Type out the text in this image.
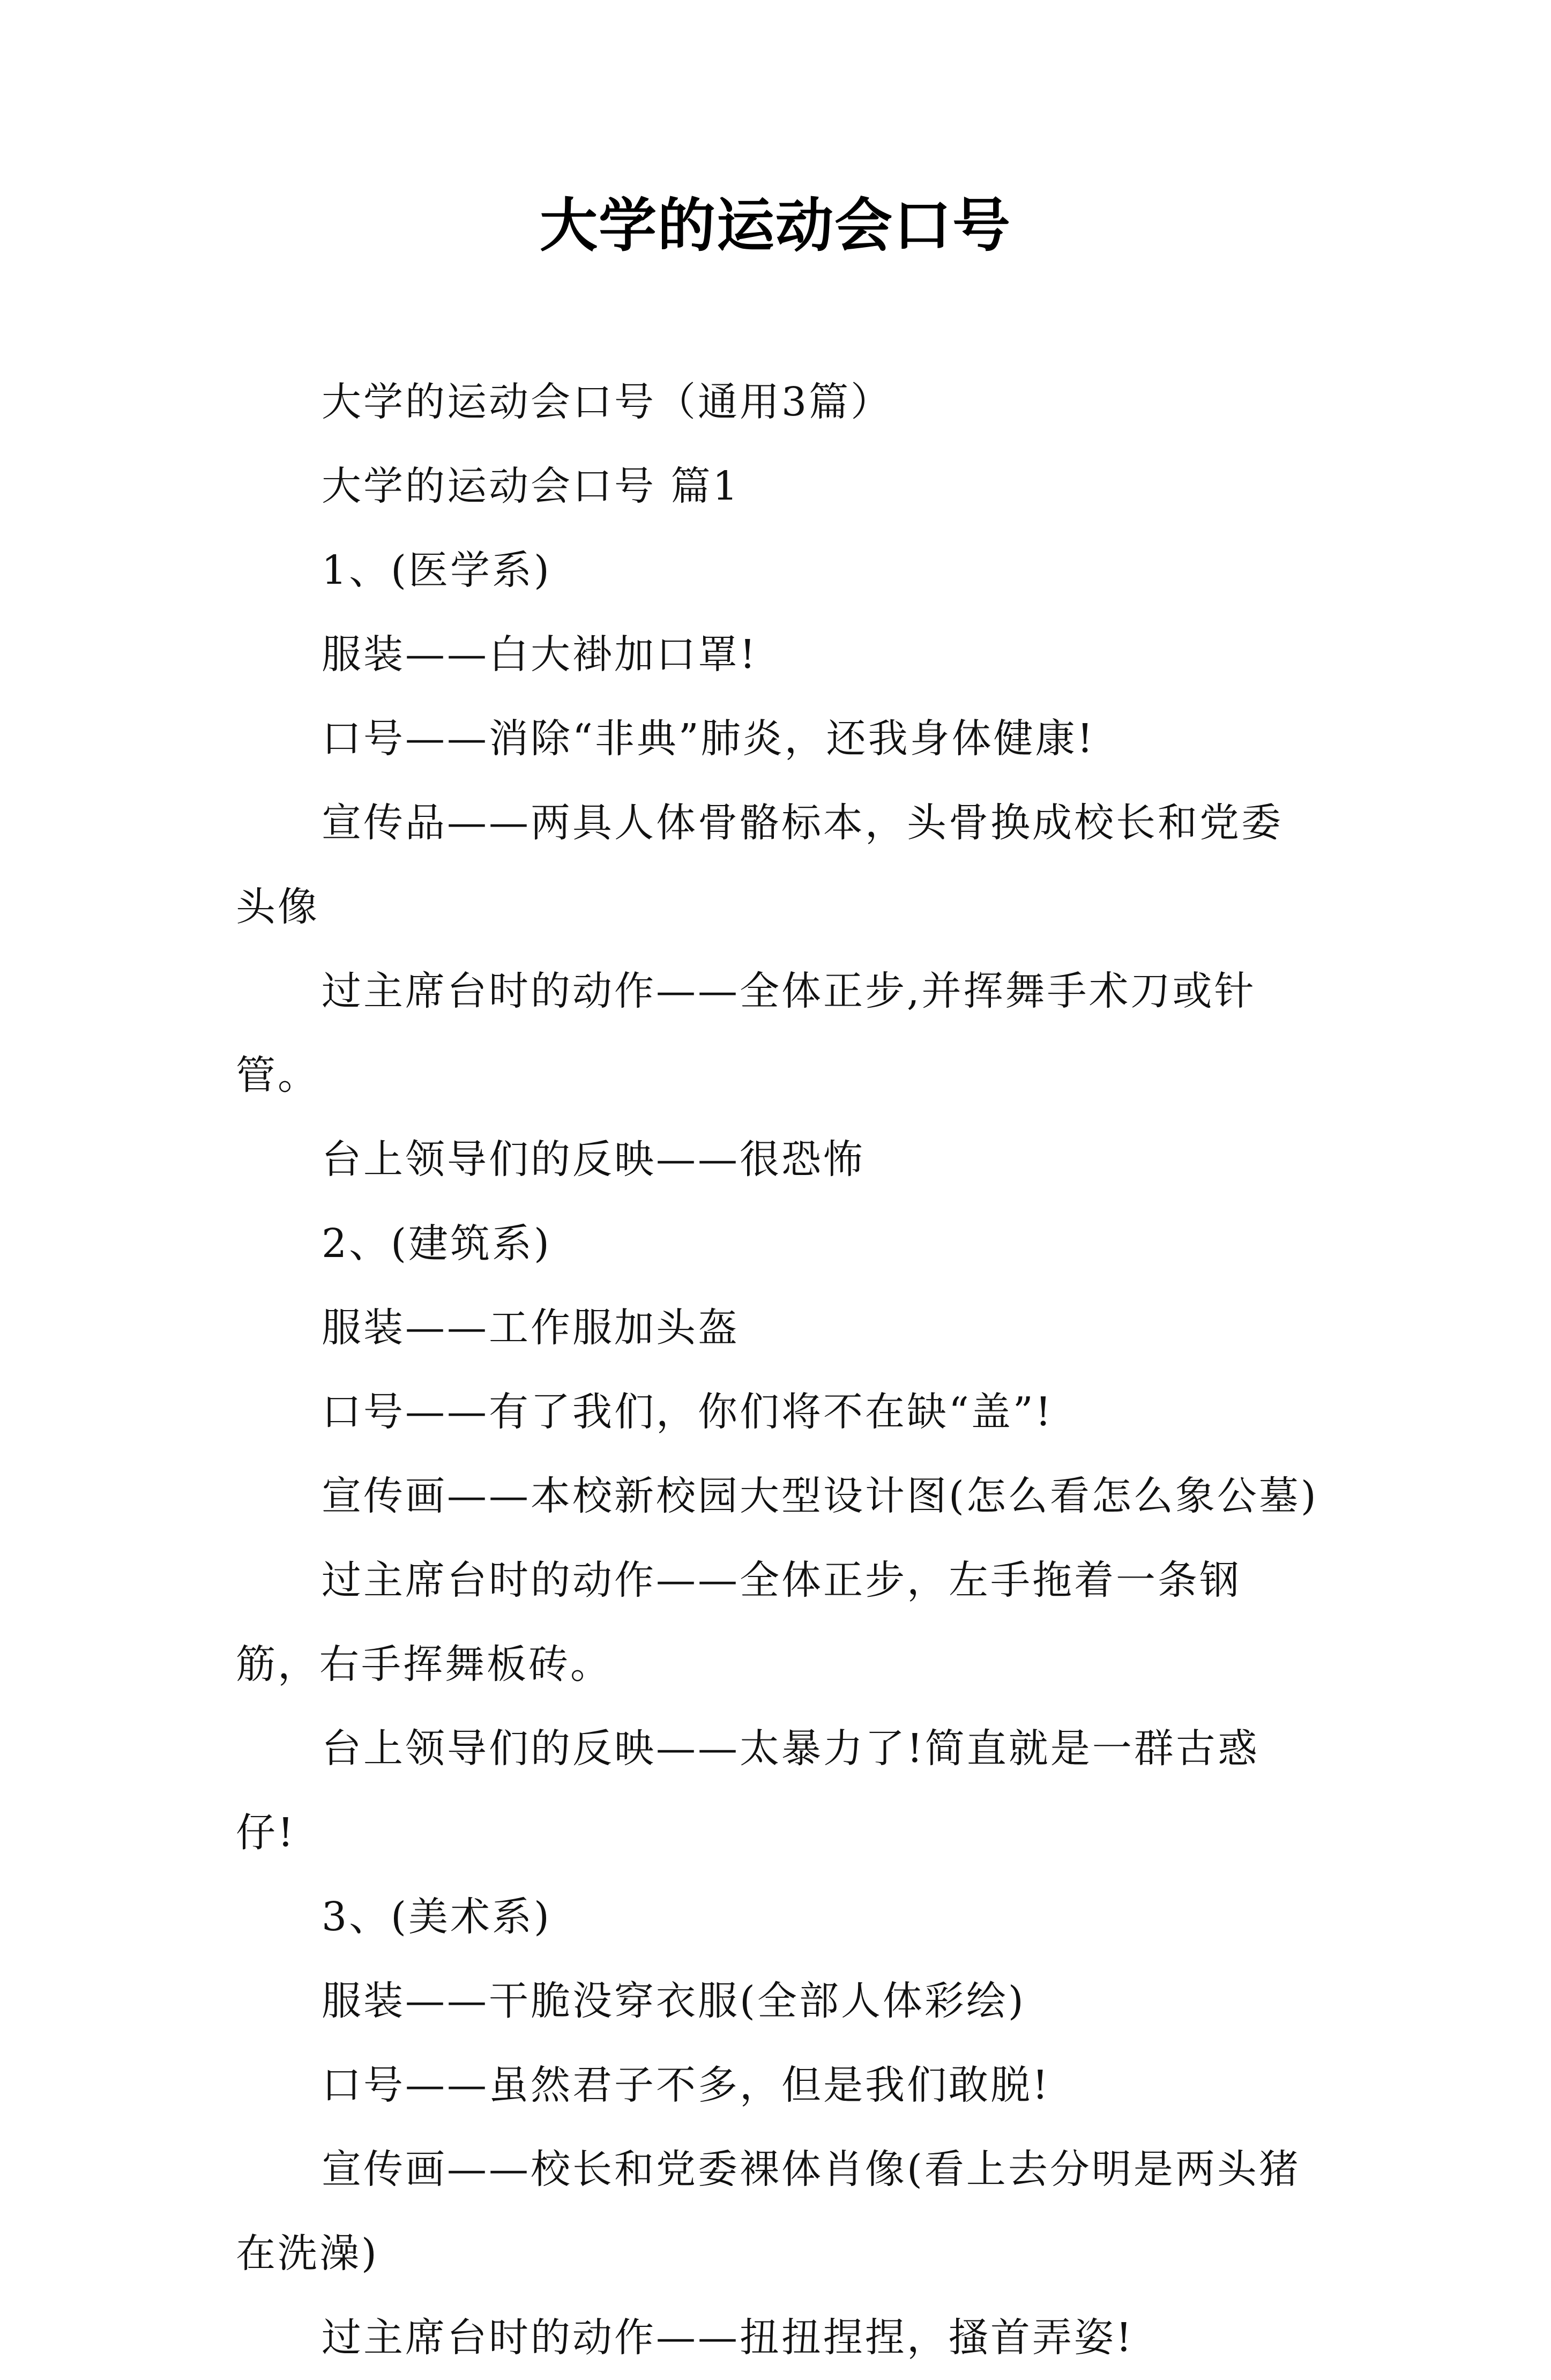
大学的运动会口号

大学的运动会口号（通用3篇）

大学的运动会口号 篇1

1、(医学系)

服装——白大褂加口罩!

口号——消除“非典”肺炎，还我身体健康!

宣传品——两具人体骨骼标本，头骨换成校长和党委头像

过主席台时的动作——全体正步,并挥舞手术刀或针管。

台上领导们的反映——很恐怖

2、(建筑系)

服装——工作服加头盔

口号——有了我们，你们将不在缺“盖”!

宣传画——本校新校园大型设计图(怎么看怎么象公墓)

过主席台时的动作——全体正步，左手拖着一条钢筋，右手挥舞板砖。

台上领导们的反映——太暴力了!简直就是一群古惑仔!

3、(美术系)

服装——干脆没穿衣服(全部人体彩绘)

口号——虽然君子不多，但是我们敢脱!

宣传画——校长和党委裸体肖像(看上去分明是两头猪在洗澡)

过主席台时的动作——扭扭捏捏，搔首弄姿!
